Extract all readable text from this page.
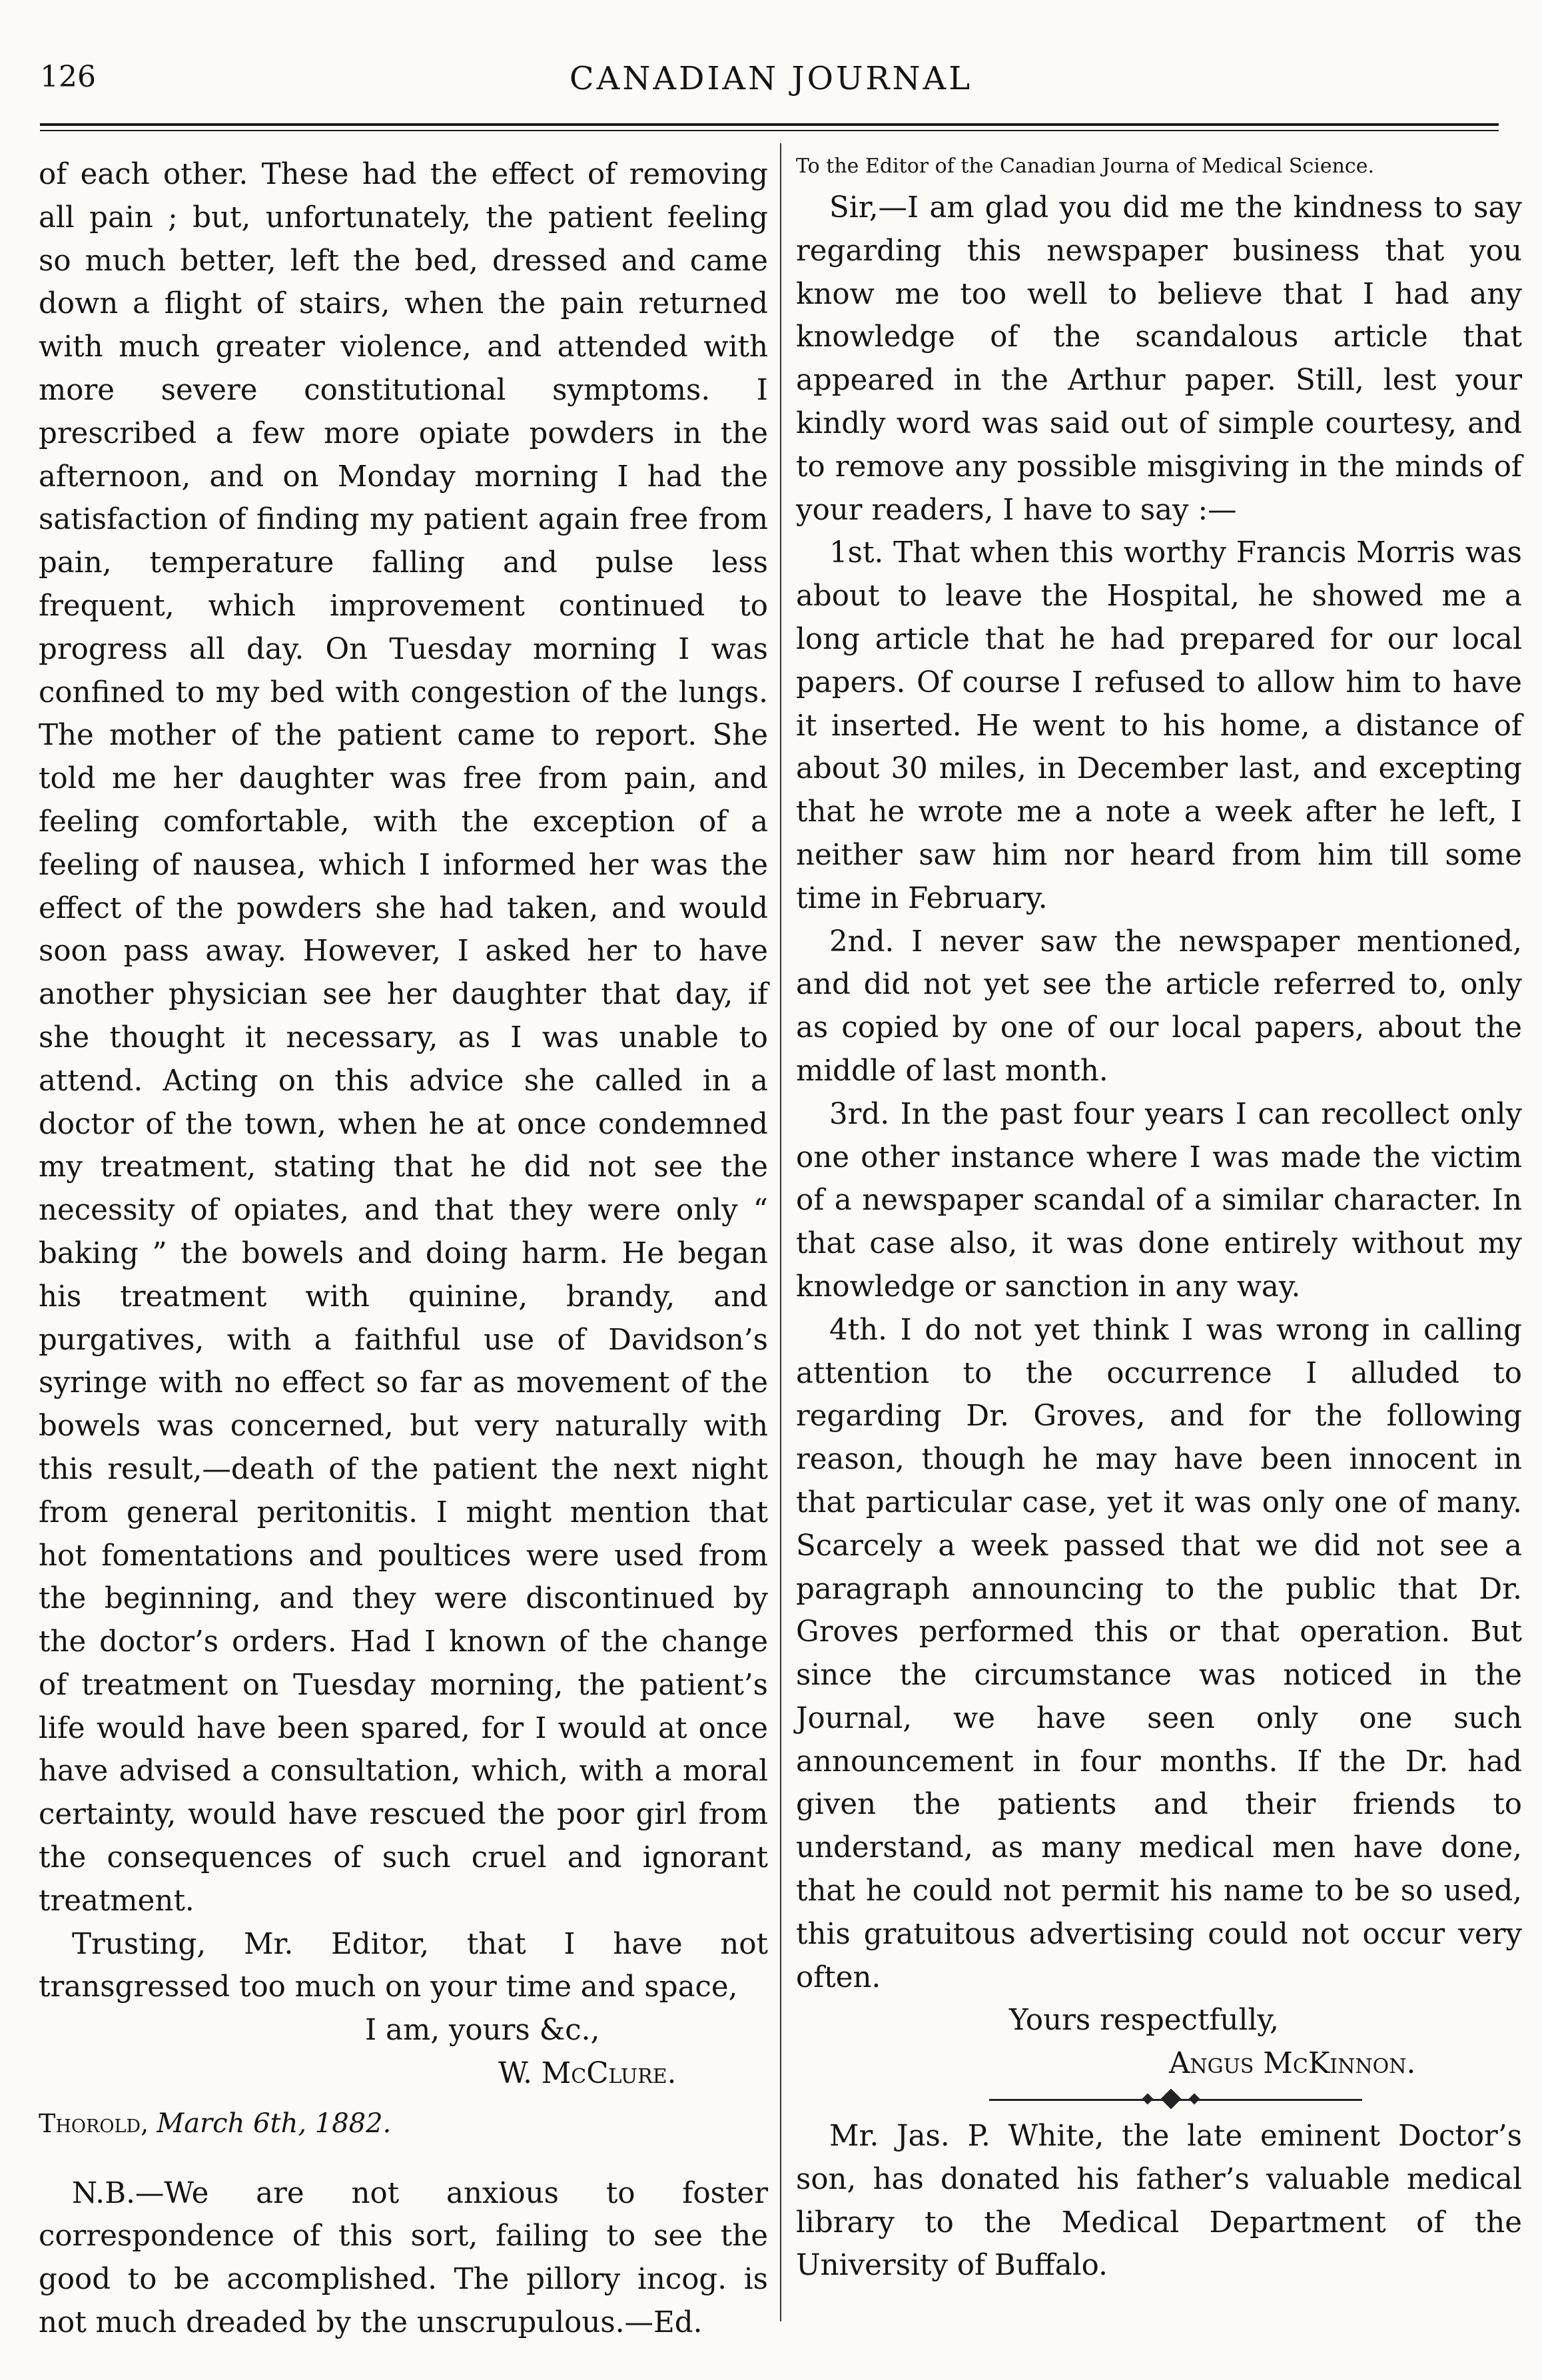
126	CANADIAN JOURNAL

of each other. These had the effect of removing all pain ; but, unfortunately, the patient feeling so much better, left the bed, dressed and came down a flight of stairs, when the pain returned with much greater violence, and attended with more severe constitutional symptoms. I prescribed a few more opiate powders in the afternoon, and on Monday morning I had the satisfaction of finding my patient again free from pain, temperature falling and pulse less frequent, which improvement continued to progress all day. On Tuesday morning I was confined to my bed with congestion of the lungs. The mother of the patient came to report. She told me her daughter was free from pain, and feeling comfortable, with the exception of a feeling of nausea, which I informed her was the effect of the powders she had taken, and would soon pass away. However, I asked her to have another physician see her daughter that day, if she thought it necessary, as I was unable to attend. Acting on this advice she called in a doctor of the town, when he at once condemned my treatment, stating that he did not see the necessity of opiates, and that they were only “ baking ” the bowels and doing harm. He began his treatment with quinine, brandy, and purgatives, with a faithful use of Davidson’s syringe with no effect so far as movement of the bowels was concerned, but very naturally with this result,—death of the patient the next night from general peritonitis. I might mention that hot fomentations and poultices were used from the beginning, and they were discontinued by the doctor’s orders. Had I known of the change of treatment on Tuesday morning, the patient’s life would have been spared, for I would at once have advised a consultation, which, with a moral certainty, would have rescued the poor girl from the consequences of such cruel and ignorant treatment.

Trusting, Mr. Editor, that I have not transgressed too much on your time and space,

I am, yours &c.,

W. McClure.

Thorold, March 6th, 1882.

N.B.—We are not anxious to foster correspondence of this sort, failing to see the good to be accomplished. The pillory incog. is not much dreaded by the unscrupulous.—Ed.

To the Editor of the Canadian Journa of Medical Science.

Sir,—I am glad you did me the kindness to say regarding this newspaper business that you know me too well to believe that I had any knowledge of the scandalous article that appeared in the Arthur paper. Still, lest your kindly word was said out of simple courtesy, and to remove any possible misgiving in the minds of your readers, I have to say :—

1st. That when this worthy Francis Morris was about to leave the Hospital, he showed me a long article that he had prepared for our local papers. Of course I refused to allow him to have it inserted. He went to his home, a distance of about 30 miles, in December last, and excepting that he wrote me a note a week after he left, I neither saw him nor heard from him till some time in February.

2nd. I never saw the newspaper mentioned, and did not yet see the article referred to, only as copied by one of our local papers, about the middle of last month.

3rd. In the past four years I can recollect only one other instance where I was made the victim of a newspaper scandal of a similar character. In that case also, it was done entirely without my knowledge or sanction in any way.

4th. I do not yet think I was wrong in calling attention to the occurrence I alluded to regarding Dr. Groves, and for the following reason, though he may have been innocent in that particular case, yet it was only one of many. Scarcely a week passed that we did not see a paragraph announcing to the public that Dr. Groves performed this or that operation. But since the circumstance was noticed in the Journal, we have seen only one such announcement in four months. If the Dr. had given the patients and their friends to understand, as many medical men have done, that he could not permit his name to be so used, this gratuitous advertising could not occur very often.

Yours respectfully,

Angus McKinnon.

Mr. Jas. P. White, the late eminent Doctor’s son, has donated his father’s valuable medical library to the Medical Department of the University of Buffalo.
